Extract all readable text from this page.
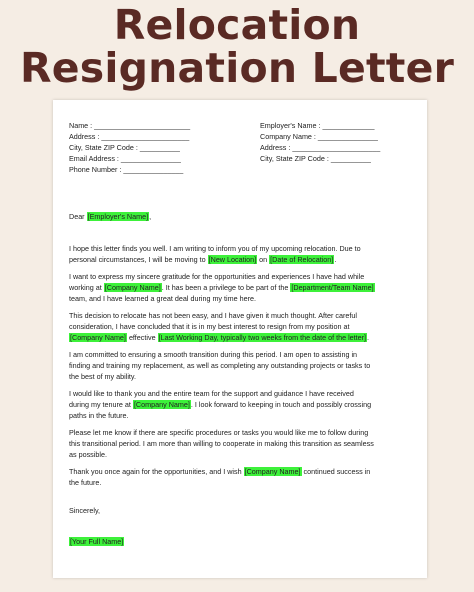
Relocation
Resignation Letter
Name : ________________________
Address : ______________________
City, State ZIP Code : __________
Email Address : _______________
Phone Number : _______________
Employer's Name : _____________
Company Name : _______________
Address : ______________________
City, State ZIP Code : __________
Dear [Employer's Name],
I hope this letter finds you well. I am writing to inform you of my upcoming relocation. Due to
personal circumstances, I will be moving to [New Location] on [Date of Relocation].
I want to express my sincere gratitude for the opportunities and experiences I have had while
working at [Company Name]. It has been a privilege to be part of the [Department/Team Name]
team, and I have learned a great deal during my time here.
This decision to relocate has not been easy, and I have given it much thought. After careful
consideration, I have concluded that it is in my best interest to resign from my position at
[Company Name] effective [Last Working Day, typically two weeks from the date of the letter].
I am committed to ensuring a smooth transition during this period. I am open to assisting in
finding and training my replacement, as well as completing any outstanding projects or tasks to
the best of my ability.
I would like to thank you and the entire team for the support and guidance I have received
during my tenure at [Company Name]. I look forward to keeping in touch and possibly crossing
paths in the future.
Please let me know if there are specific procedures or tasks you would like me to follow during
this transitional period. I am more than willing to cooperate in making this transition as seamless
as possible.
Thank you once again for the opportunities, and I wish [Company Name] continued success in
the future.
Sincerely,
[Your Full Name]
